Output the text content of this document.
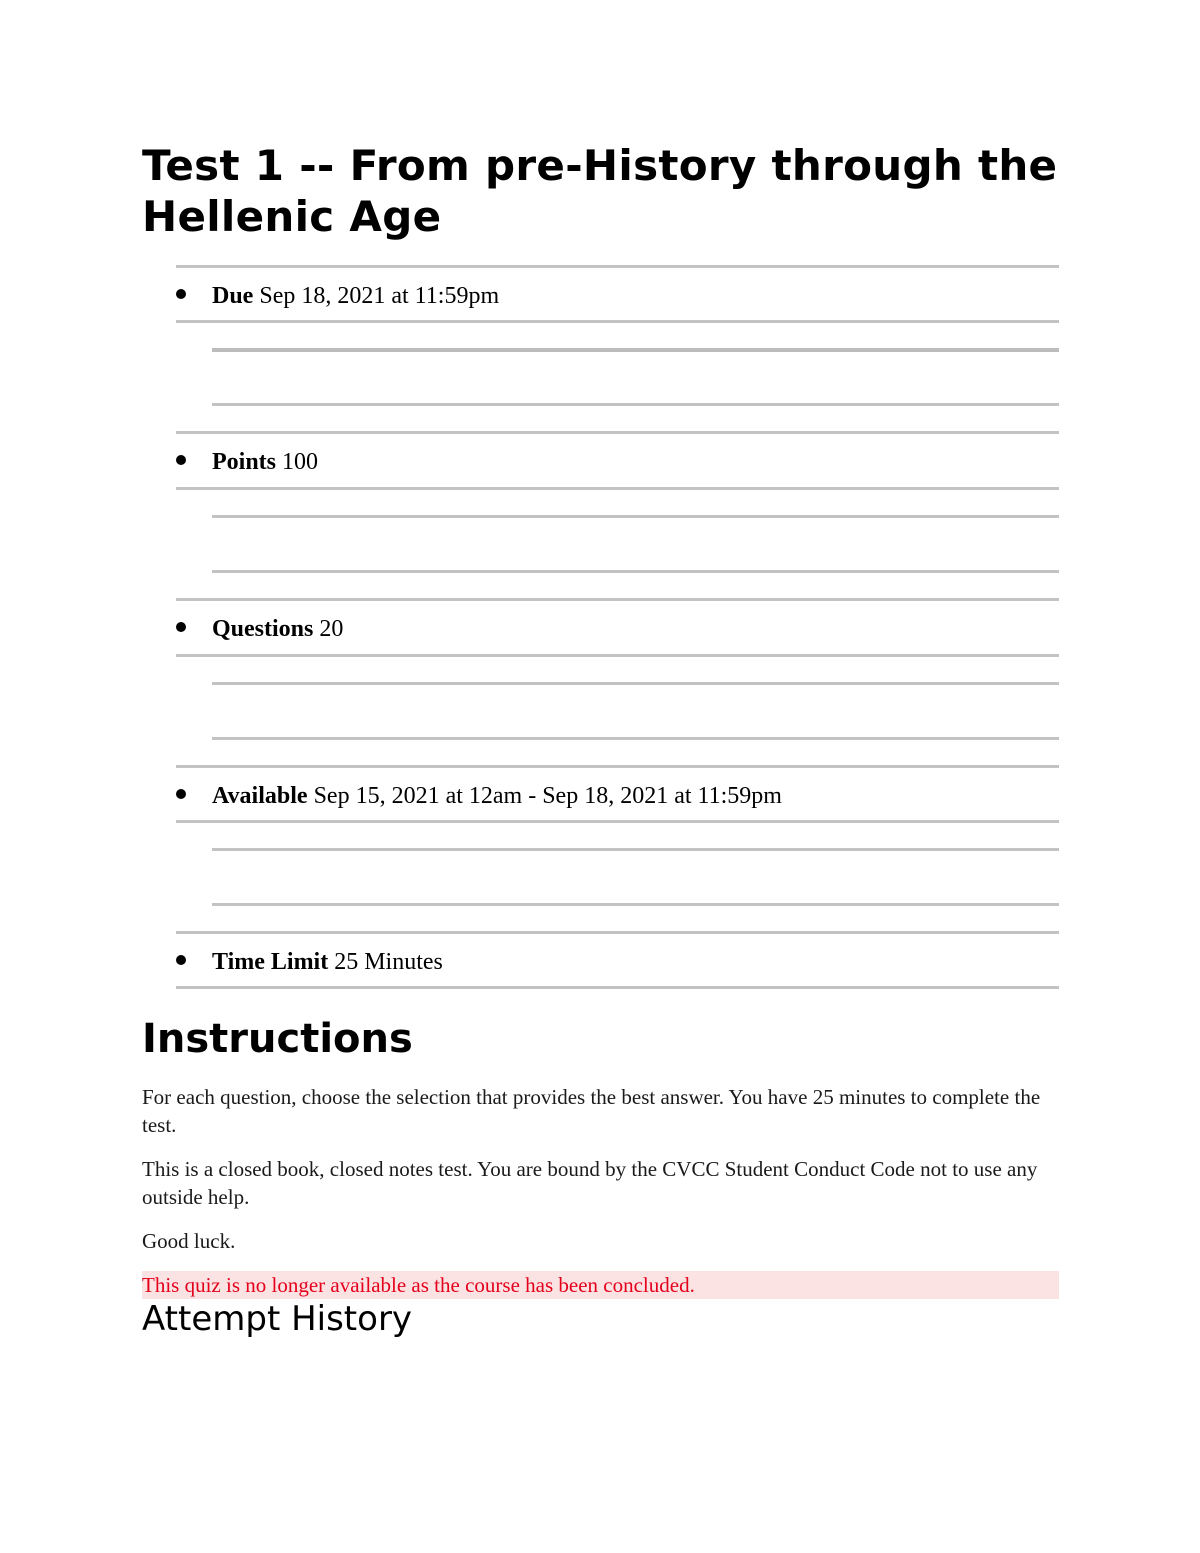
Test 1 -- From pre-History through the Hellenic Age
Due Sep 18, 2021 at 11:59pm
Points 100
Questions 20
Available Sep 15, 2021 at 12am - Sep 18, 2021 at 11:59pm
Time Limit 25 Minutes
Instructions

For each question, choose the selection that provides the best answer. You have 25 minutes to complete the test.

This is a closed book, closed notes test. You are bound by the CVCC Student Conduct Code not to use any outside help.

Good luck.

This quiz is no longer available as the course has been concluded.
Attempt History
